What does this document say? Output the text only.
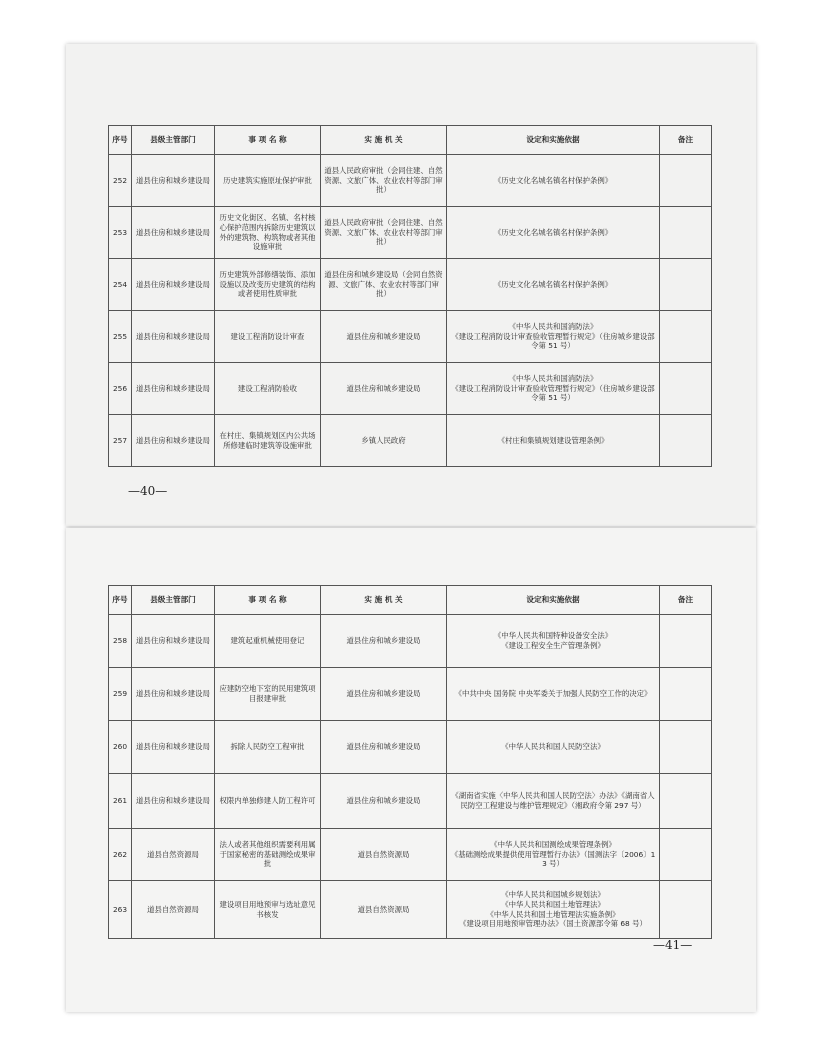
序号	县级主管部门	事 项 名 称	实 施 机 关	设定和实施依据	备注
252	道县住房和城乡建设局	历史建筑实施原址保护审批	道县人民政府审批（会同住建、自然资源、文旅广体、农业农村等部门审批）	《历史文化名城名镇名村保护条例》	

253	道县住房和城乡建设局	历史文化街区、名镇、名村核心保护范围内拆除历史建筑以外的建筑物、构筑物或者其他设施审批	道县人民政府审批（会同住建、自然资源、文旅广体、农业农村等部门审批）	《历史文化名城名镇名村保护条例》	

254	道县住房和城乡建设局	历史建筑外部修缮装饰、添加设施以及改变历史建筑的结构或者使用性质审批	道县住房和城乡建设局（会同自然资源、文旅广体、农业农村等部门审批）	《历史文化名城名镇名村保护条例》	

255	道县住房和城乡建设局	建设工程消防设计审查	道县住房和城乡建设局	《中华人民共和国消防法》
《建设工程消防设计审查验收管理暂行规定》（住房城乡建设部令第 51 号）	

256	道县住房和城乡建设局	建设工程消防验收	道县住房和城乡建设局	《中华人民共和国消防法》
《建设工程消防设计审查验收管理暂行规定》（住房城乡建设部令第 51 号）	

257	道县住房和城乡建设局	在村庄、集镇规划区内公共场所修建临时建筑等设施审批	乡镇人民政府	《村庄和集镇规划建设管理条例》	

—40—
序号	县级主管部门	事 项 名 称	实 施 机 关	设定和实施依据	备注
258	道县住房和城乡建设局	建筑起重机械使用登记	道县住房和城乡建设局	《中华人民共和国特种设备安全法》
《建设工程安全生产管理条例》	

259	道县住房和城乡建设局	应建防空地下室的民用建筑项目报建审批	道县住房和城乡建设局	《中共中央 国务院 中央军委关于加强人民防空工作的决定》	

260	道县住房和城乡建设局	拆除人民防空工程审批	道县住房和城乡建设局	《中华人民共和国人民防空法》	

261	道县住房和城乡建设局	权限内单独修建人防工程许可	道县住房和城乡建设局	《湖南省实施〈中华人民共和国人民防空法〉办法》《湖南省人民防空工程建设与维护管理规定》（湘政府令第 297 号）	

262	道县自然资源局	法人或者其他组织需要利用属于国家秘密的基础测绘成果审批	道县自然资源局	《中华人民共和国测绘成果管理条例》
《基础测绘成果提供使用管理暂行办法》（国测法字〔2006〕13 号）	

263	道县自然资源局	建设项目用地预审与选址意见书核发	道县自然资源局	《中华人民共和国城乡规划法》
《中华人民共和国土地管理法》
《中华人民共和国土地管理法实施条例》
《建设项目用地预审管理办法》（国土资源部令第 68 号）	

—41—
